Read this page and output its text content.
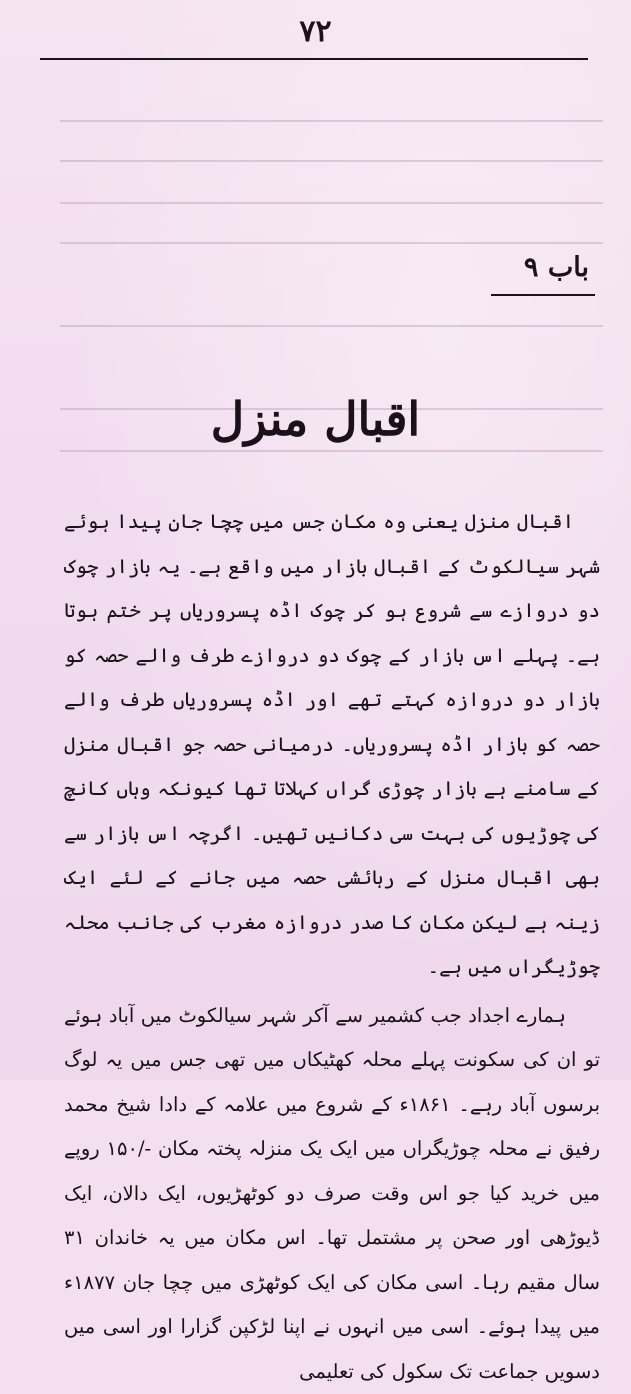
۷۲
باب ۹
اقبال منزل

اقبال منزل یعنی وہ مکان جس میں چچا جان پیدا ہوئے شہر سیالکوٹ کے اقبال بازار میں واقع ہے۔ یہ بازار چوک دو دروازے سے شروع ہو کر چوک اڈہ پسروریاں پر ختم ہوتا ہے۔ پہلے اس بازار کے چوک دو دروازے طرف والے حصہ کو بازار دو دروازہ کہتے تھے اور اڈہ پسروریاں طرف والے حصہ کو بازار اڈہ پسروریاں۔ درمیانی حصہ جو اقبال منزل کے سامنے ہے بازار چوڑی گراں کہلاتا تھا کیونکہ وہاں کانچ کی چوڑیوں کی بہت سی دکانیں تھیں۔ اگرچہ اس بازار سے بھی اقبال منزل کے رہائشی حصہ میں جانے کے لئے ایک زینہ ہے لیکن مکان کا صدر دروازہ مغرب کی جانب محلہ چوڑیگراں میں ہے۔

ہمارے اجداد جب کشمیر سے آکر شہر سیالکوٹ میں آباد ہوئے تو ان کی سکونت پہلے محلہ کھٹیکاں میں تھی جس میں یہ لوگ برسوں آباد رہے۔ ۱۸۶۱ء کے شروع میں علامہ کے دادا شیخ محمد رفیق نے محلہ چوڑیگراں میں ایک یک منزلہ پختہ مکان -/۱۵۰ روپے میں خرید کیا جو اس وقت صرف دو کوٹھڑیوں، ایک دالان، ایک ڈیوڑھی اور صحن پر مشتمل تھا۔ اس مکان میں یہ خاندان ۳۱ سال مقیم رہا۔ اسی مکان کی ایک کوٹھڑی میں چچا جان ۱۸۷۷ء میں پیدا ہوئے۔ اسی میں انہوں نے اپنا لڑکپن گزارا اور اسی میں دسویں جماعت تک سکول کی تعلیمی
